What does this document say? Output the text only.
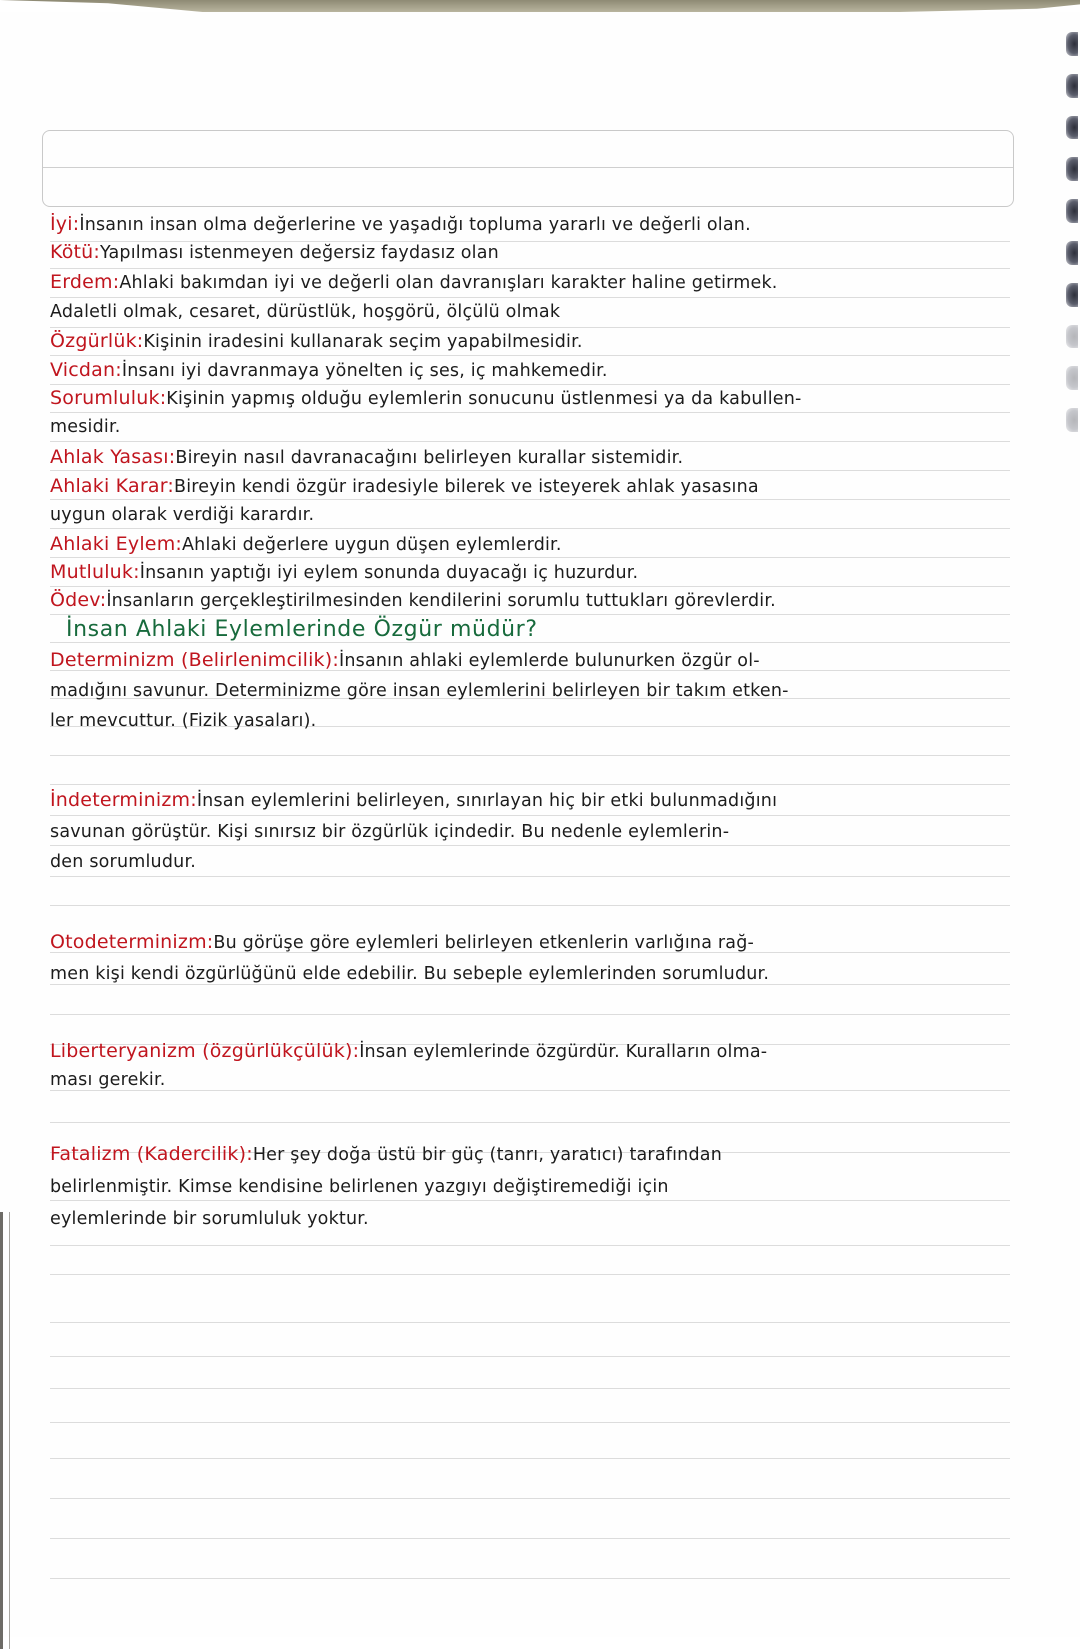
İyi:İnsanın insan olma değerlerine ve yaşadığı topluma yararlı ve değerli olan.
Kötü:Yapılması istenmeyen değersiz faydasız olan
Erdem:Ahlaki bakımdan iyi ve değerli olan davranışları karakter haline getirmek.
Adaletli olmak, cesaret, dürüstlük, hoşgörü, ölçülü olmak
Özgürlük:Kişinin iradesini kullanarak seçim yapabilmesidir.
Vicdan:İnsanı iyi davranmaya yönelten iç ses, iç mahkemedir.
Sorumluluk:Kişinin yapmış olduğu eylemlerin sonucunu üstlenmesi ya da kabullen-
mesidir.
Ahlak Yasası:Bireyin nasıl davranacağını belirleyen kurallar sistemidir.
Ahlaki Karar:Bireyin kendi özgür iradesiyle bilerek ve isteyerek ahlak yasasına
uygun olarak verdiği karardır.
Ahlaki Eylem:Ahlaki değerlere uygun düşen eylemlerdir.
Mutluluk:İnsanın yaptığı iyi eylem sonunda duyacağı iç huzurdur.
Ödev:İnsanların gerçekleştirilmesinden kendilerini sorumlu tuttukları görevlerdir.
İnsan Ahlaki Eylemlerinde Özgür müdür?
Determinizm (Belirlenimcilik):İnsanın ahlaki eylemlerde bulunurken özgür ol-
madığını savunur. Determinizme göre insan eylemlerini belirleyen bir takım etken-
ler mevcuttur. (Fizik yasaları).
İndeterminizm:İnsan eylemlerini belirleyen, sınırlayan hiç bir etki bulunmadığını
savunan görüştür. Kişi sınırsız bir özgürlük içindedir. Bu nedenle eylemlerin-
den sorumludur.
Otodeterminizm:Bu görüşe göre eylemleri belirleyen etkenlerin varlığına rağ-
men kişi kendi özgürlüğünü elde edebilir. Bu sebeple eylemlerinden sorumludur.
Liberteryanizm (özgürlükçülük):İnsan eylemlerinde özgürdür. Kuralların olma-
ması gerekir.
Fatalizm (Kadercilik):Her şey doğa üstü bir güç (tanrı, yaratıcı) tarafından
belirlenmiştir. Kimse kendisine belirlenen yazgıyı değiştiremediği için
eylemlerinde bir sorumluluk yoktur.
